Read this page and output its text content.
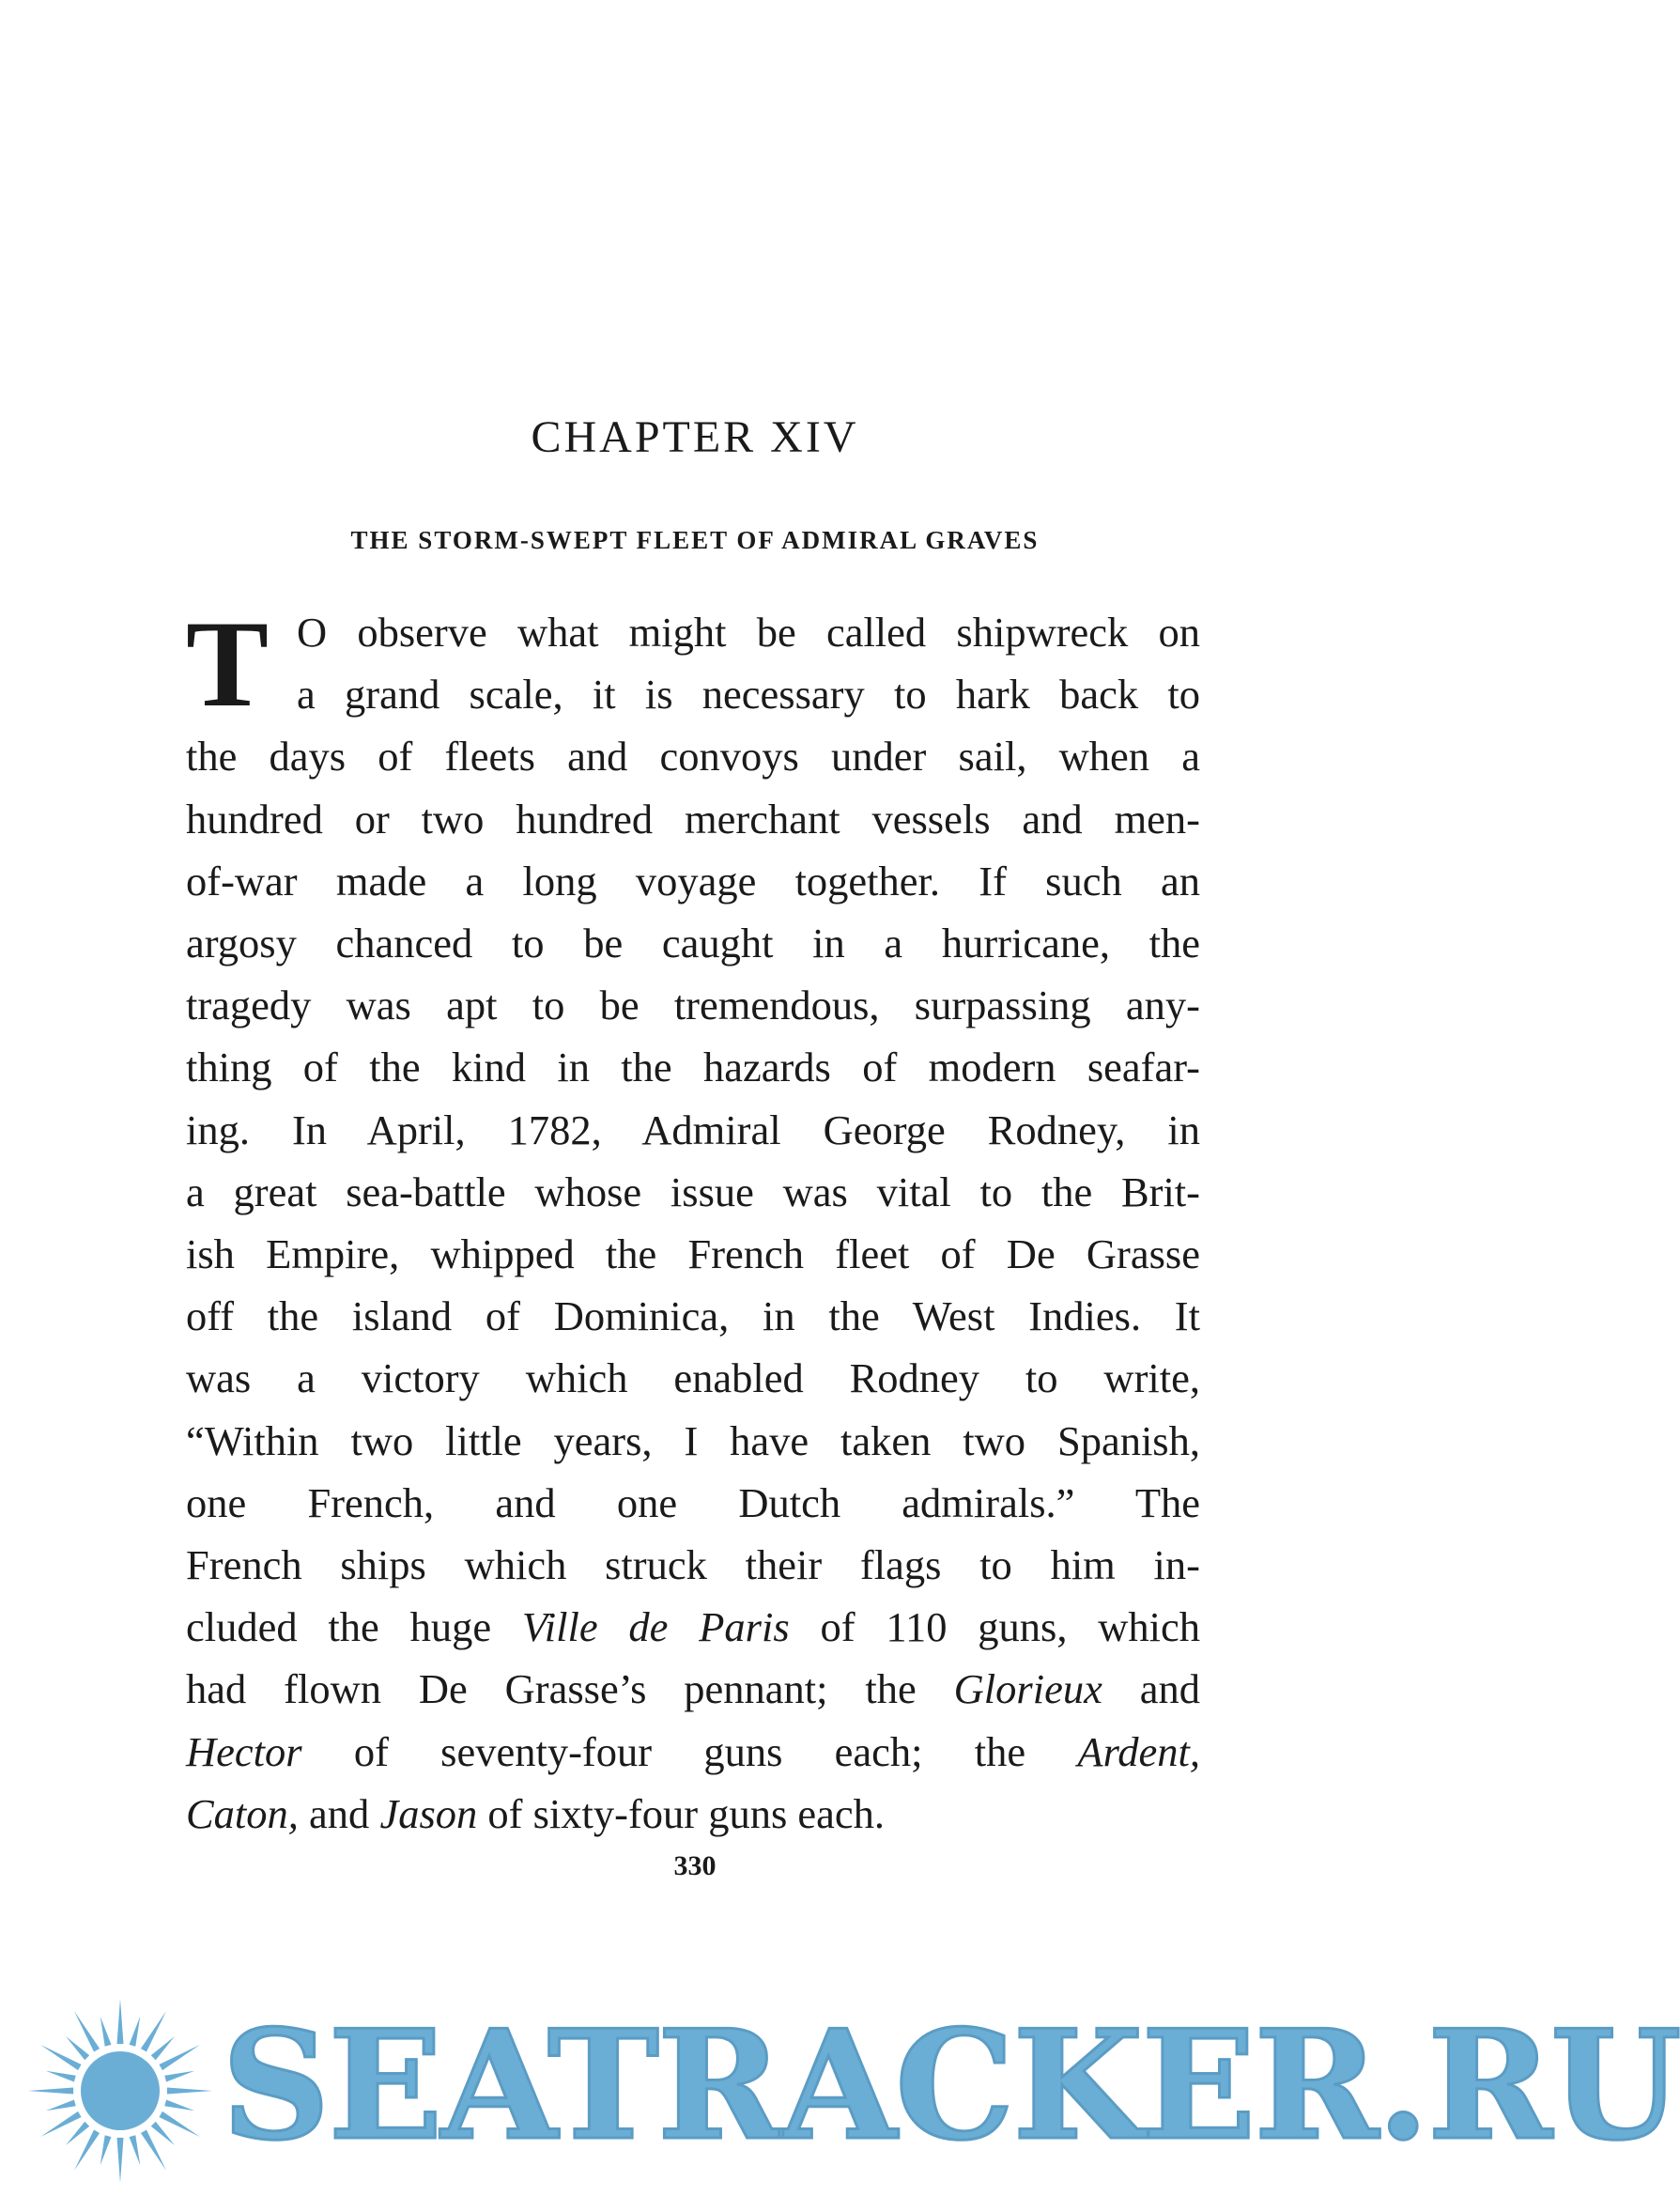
CHAPTER XIV
THE STORM-SWEPT FLEET OF ADMIRAL GRAVES
T O observe what might be called shipwreck on
a grand scale, it is necessary to hark back to
the days of fleets and convoys under sail, when a
hundred or two hundred merchant vessels and men-
of-war made a long voyage together. If such an
argosy chanced to be caught in a hurricane, the
tragedy was apt to be tremendous, surpassing any-
thing of the kind in the hazards of modern seafar-
ing. In April, 1782, Admiral George Rodney, in
a great sea-battle whose issue was vital to the Brit-
ish Empire, whipped the French fleet of De Grasse
off the island of Dominica, in the West Indies. It
was a victory which enabled Rodney to write,
“Within two little years, I have taken two Spanish,
one French, and one Dutch admirals.” The
French ships which struck their flags to him in-
cluded the huge Ville de Paris of 110 guns, which
had flown De Grasse’s pennant; the Glorieux and
Hector of seventy-four guns each; the Ardent,
Caton, and Jason of sixty-four guns each.
330
SEATRACKER.RU
